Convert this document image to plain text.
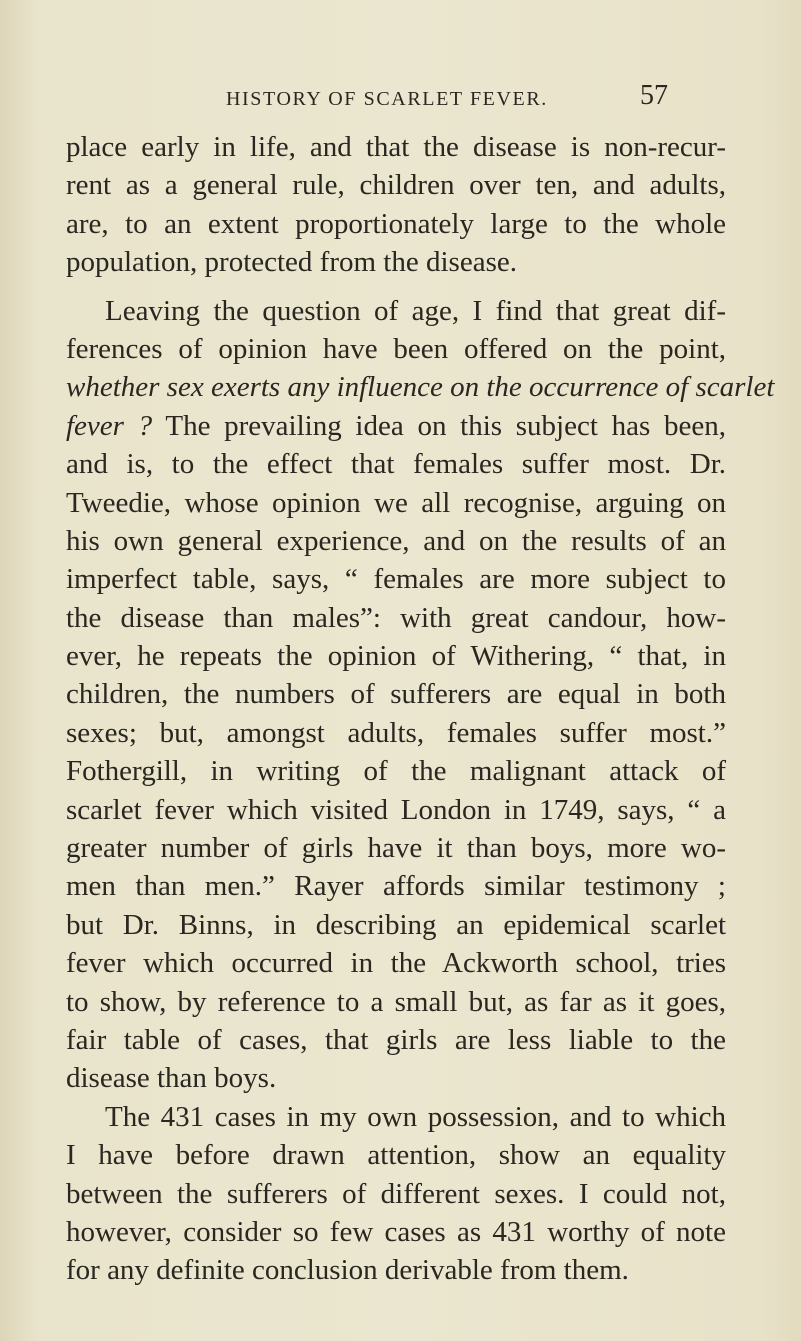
HISTORY OF SCARLET FEVER.	57
place early in life, and that the disease is non-recur-
rent as a general rule, children over ten, and adults,
are, to an extent proportionately large to the whole
population, protected from the disease.
Leaving the question of age, I find that great dif-
ferences of opinion have been offered on the point,
whether sex exerts any influence on the occurrence of scarlet
fever ? The prevailing idea on this subject has been,
and is, to the effect that females suffer most. Dr.
Tweedie, whose opinion we all recognise, arguing on
his own general experience, and on the results of an
imperfect table, says, “ females are more subject to
the disease than males”: with great candour, how-
ever, he repeats the opinion of Withering, “ that, in
children, the numbers of sufferers are equal in both
sexes; but, amongst adults, females suffer most.”
Fothergill, in writing of the malignant attack of
scarlet fever which visited London in 1749, says, “ a
greater number of girls have it than boys, more wo-
men than men.” Rayer affords similar testimony ;
but Dr. Binns, in describing an epidemical scarlet
fever which occurred in the Ackworth school, tries
to show, by reference to a small but, as far as it goes,
fair table of cases, that girls are less liable to the
disease than boys.
The 431 cases in my own possession, and to which
I have before drawn attention, show an equality
between the sufferers of different sexes. I could not,
however, consider so few cases as 431 worthy of note
for any definite conclusion derivable from them.
